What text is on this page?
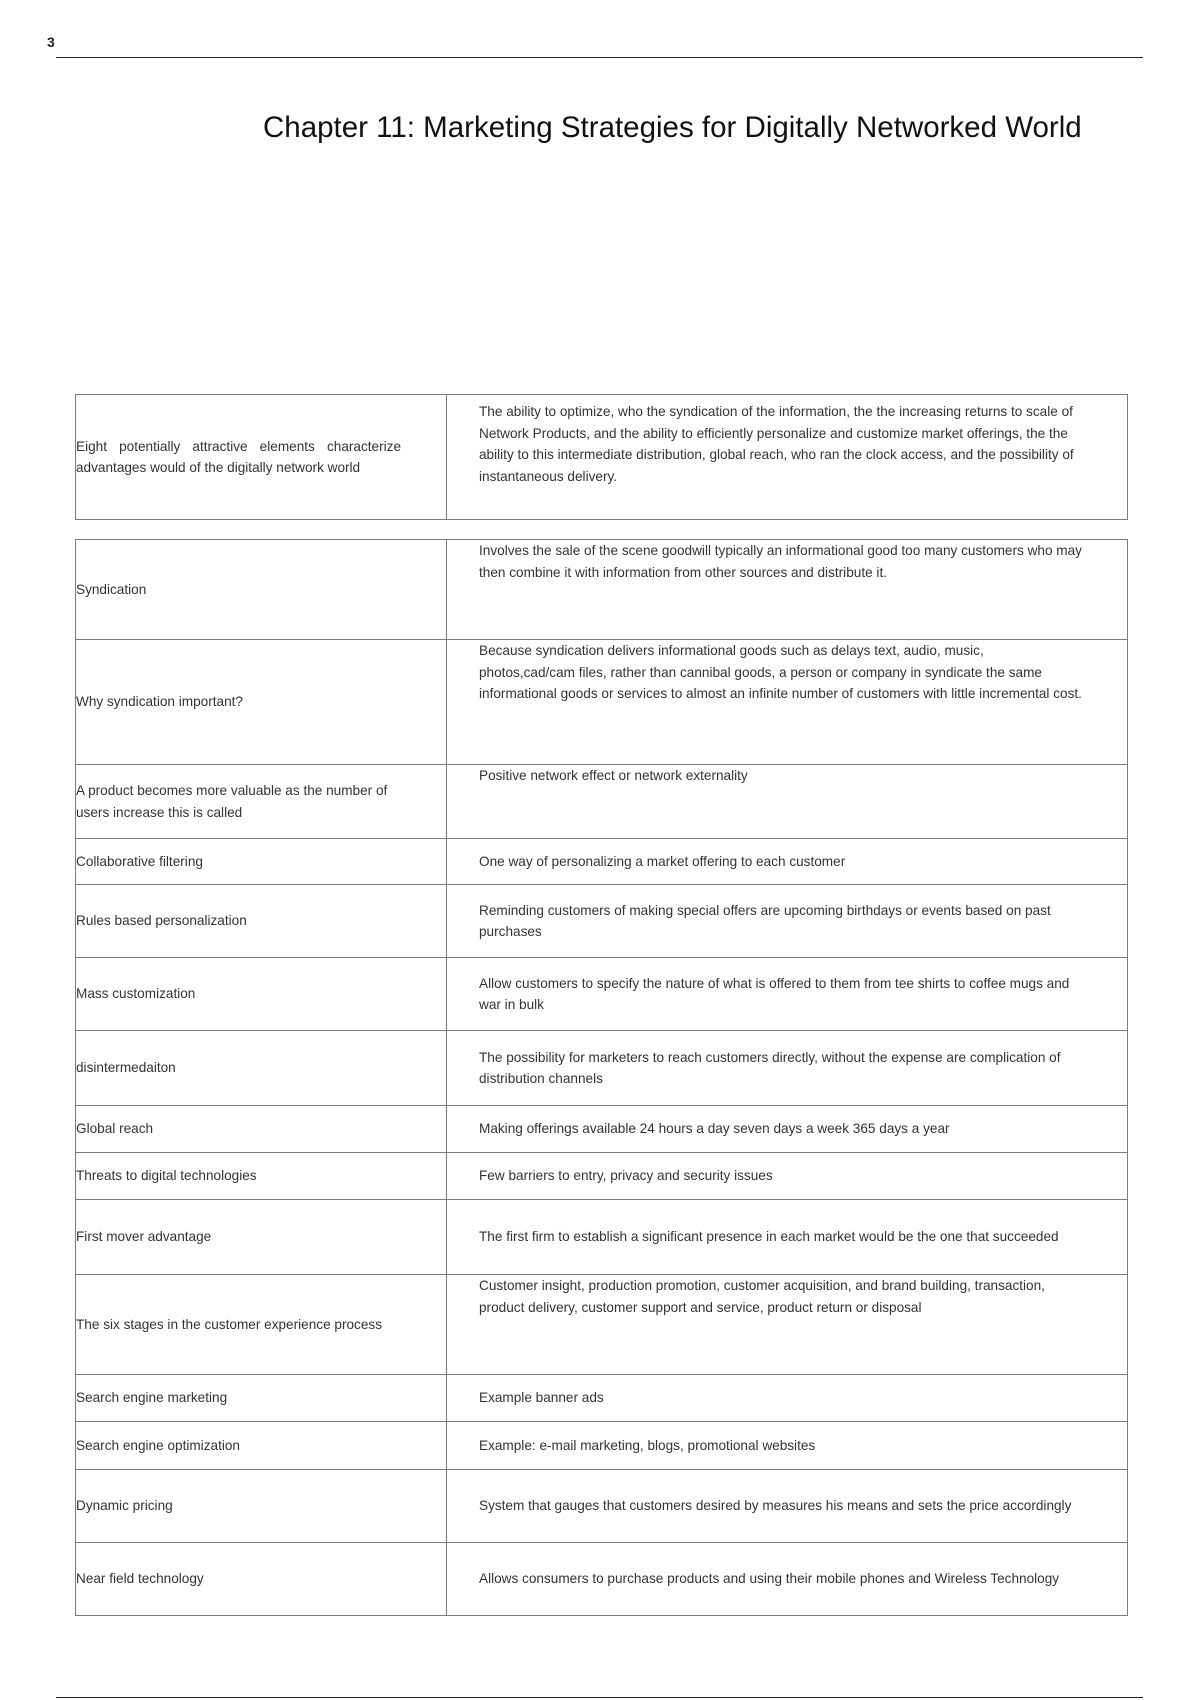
3
Chapter 11: Marketing Strategies for Digitally Networked World
Eight potentially attractive elements characterize advantages would of the digitally network world	The ability to optimize, who the syndication of the information, the the increasing returns to scale of Network Products, and the ability to efficiently personalize and customize market offerings, the the ability to this intermediate distribution, global reach, who ran the clock access, and the possibility of instantaneous delivery.
Syndication	Involves the sale of the scene goodwill typically an informational good too many customers who may then combine it with information from other sources and distribute it.
Why syndication important?	Because syndication delivers informational goods such as delays text, audio, music, photos,cad/cam files, rather than cannibal goods, a person or company in syndicate the same informational goods or services to almost an infinite number of customers with little incremental cost.
A product becomes more valuable as the number of users increase this is called	Positive network effect or network externality
Collaborative filtering	One way of personalizing a market offering to each customer
Rules based personalization	Reminding customers of making special offers are upcoming birthdays or events based on past purchases
Mass customization	Allow customers to specify the nature of what is offered to them from tee shirts to coffee mugs and war in bulk
disintermedaiton	The possibility for marketers to reach customers directly, without the expense are complication of distribution channels
Global reach	Making offerings available 24 hours a day seven days a week 365 days a year
Threats to digital technologies	Few barriers to entry, privacy and security issues
First mover advantage	The first firm to establish a significant presence in each market would be the one that succeeded
The six stages in the customer experience process	Customer insight, production promotion, customer acquisition, and brand building, transaction, product delivery, customer support and service, product return or disposal
Search engine marketing	Example banner ads
Search engine optimization	Example: e-mail marketing, blogs, promotional websites
Dynamic pricing	System that gauges that customers desired by measures his means and sets the price accordingly
Near field technology	Allows consumers to purchase products and using their mobile phones and Wireless Technology
